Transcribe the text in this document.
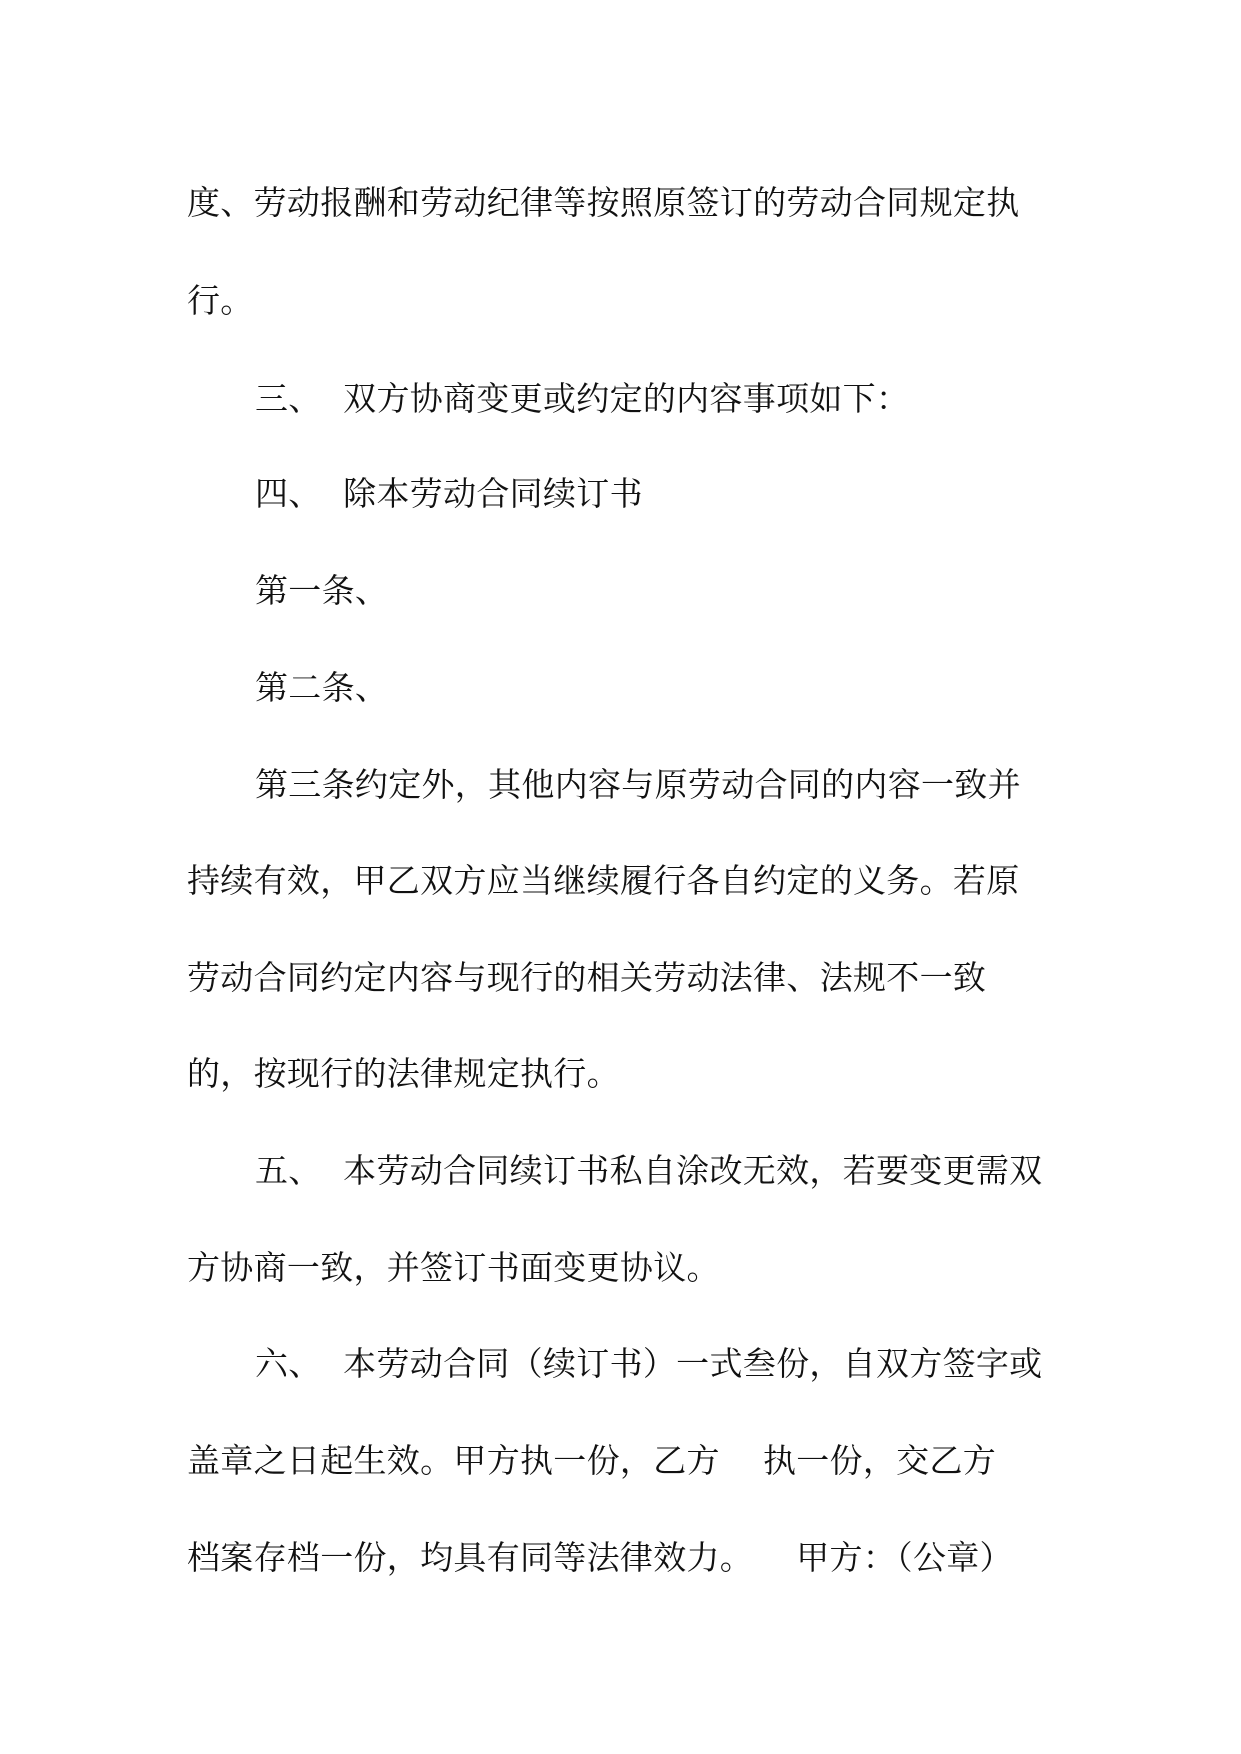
度、劳动报酬和劳动纪律等按照原签订的劳动合同规定执
行。
三、  双方协商变更或约定的内容事项如下：
四、  除本劳动合同续订书
第一条、
第二条、
第三条约定外，其他内容与原劳动合同的内容一致并
持续有效，甲乙双方应当继续履行各自约定的义务。若原
劳动合同约定内容与现行的相关劳动法律、法规不一致
的，按现行的法律规定执行。
五、  本劳动合同续订书私自涂改无效，若要变更需双
方协商一致，并签订书面变更协议。
六、  本劳动合同（续订书）一式叁份，自双方签字或
盖章之日起生效。甲方执一份，乙方    执一份，交乙方
档案存档一份，均具有同等法律效力。    甲方：（公章）
